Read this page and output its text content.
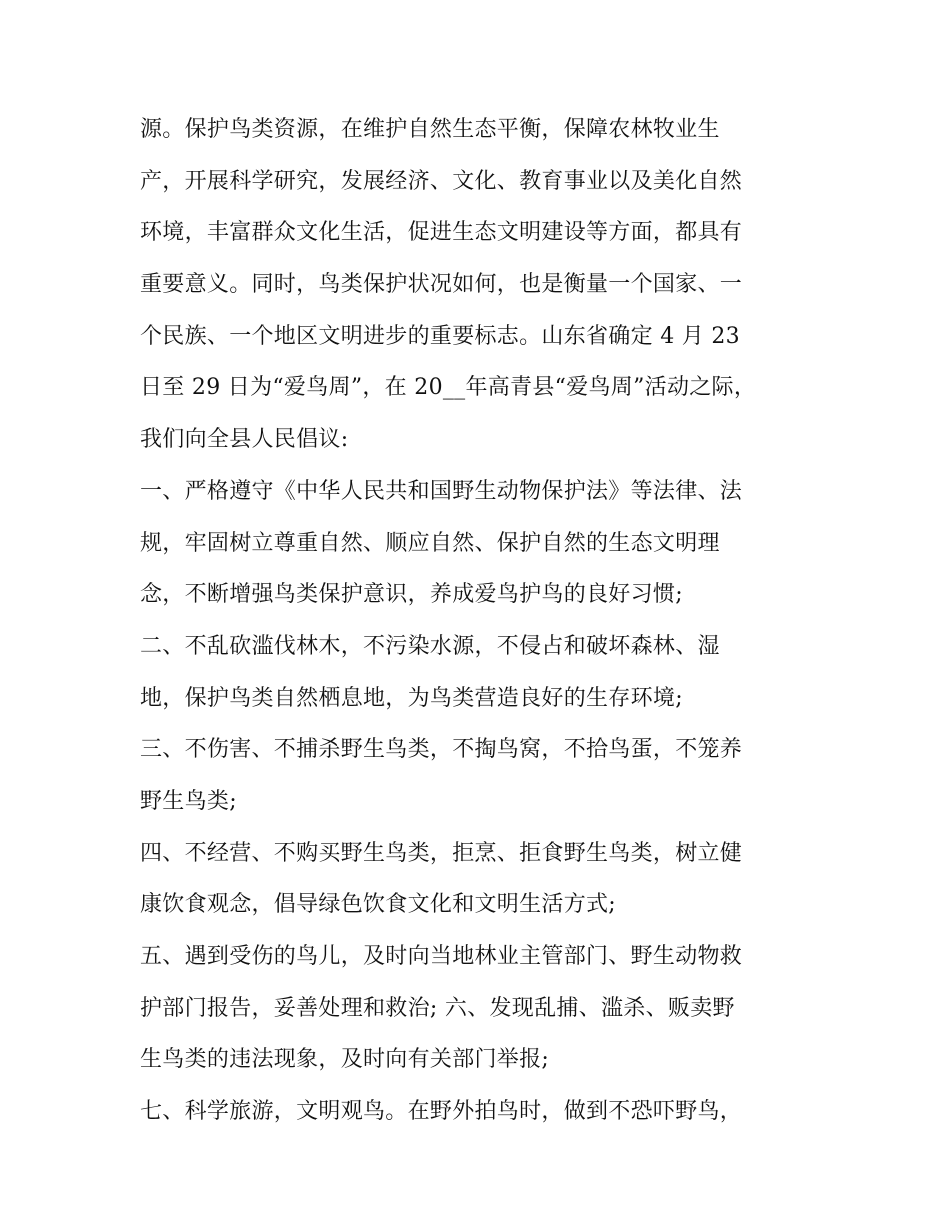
源。保护鸟类资源，在维护自然生态平衡，保障农林牧业生
产，开展科学研究，发展经济、文化、教育事业以及美化自然
环境，丰富群众文化生活，促进生态文明建设等方面，都具有
重要意义。同时，鸟类保护状况如何，也是衡量一个国家、一
个民族、一个地区文明进步的重要标志。山东省确定 4 月 23
日至 29 日为“爱鸟周”，在 20__年高青县“爱鸟周”活动之际，
我们向全县人民倡议:
一、严格遵守《中华人民共和国野生动物保护法》等法律、法
规，牢固树立尊重自然、顺应自然、保护自然的生态文明理
念，不断增强鸟类保护意识，养成爱鸟护鸟的良好习惯;
二、不乱砍滥伐林木，不污染水源，不侵占和破坏森林、湿
地，保护鸟类自然栖息地，为鸟类营造良好的生存环境;
三、不伤害、不捕杀野生鸟类，不掏鸟窝，不拾鸟蛋，不笼养
野生鸟类;
四、不经营、不购买野生鸟类，拒烹、拒食野生鸟类，树立健
康饮食观念，倡导绿色饮食文化和文明生活方式;
五、遇到受伤的鸟儿，及时向当地林业主管部门、野生动物救
护部门报告，妥善处理和救治; 六、发现乱捕、滥杀、贩卖野
生鸟类的违法现象，及时向有关部门举报;
七、科学旅游，文明观鸟。在野外拍鸟时，做到不恐吓野鸟，
